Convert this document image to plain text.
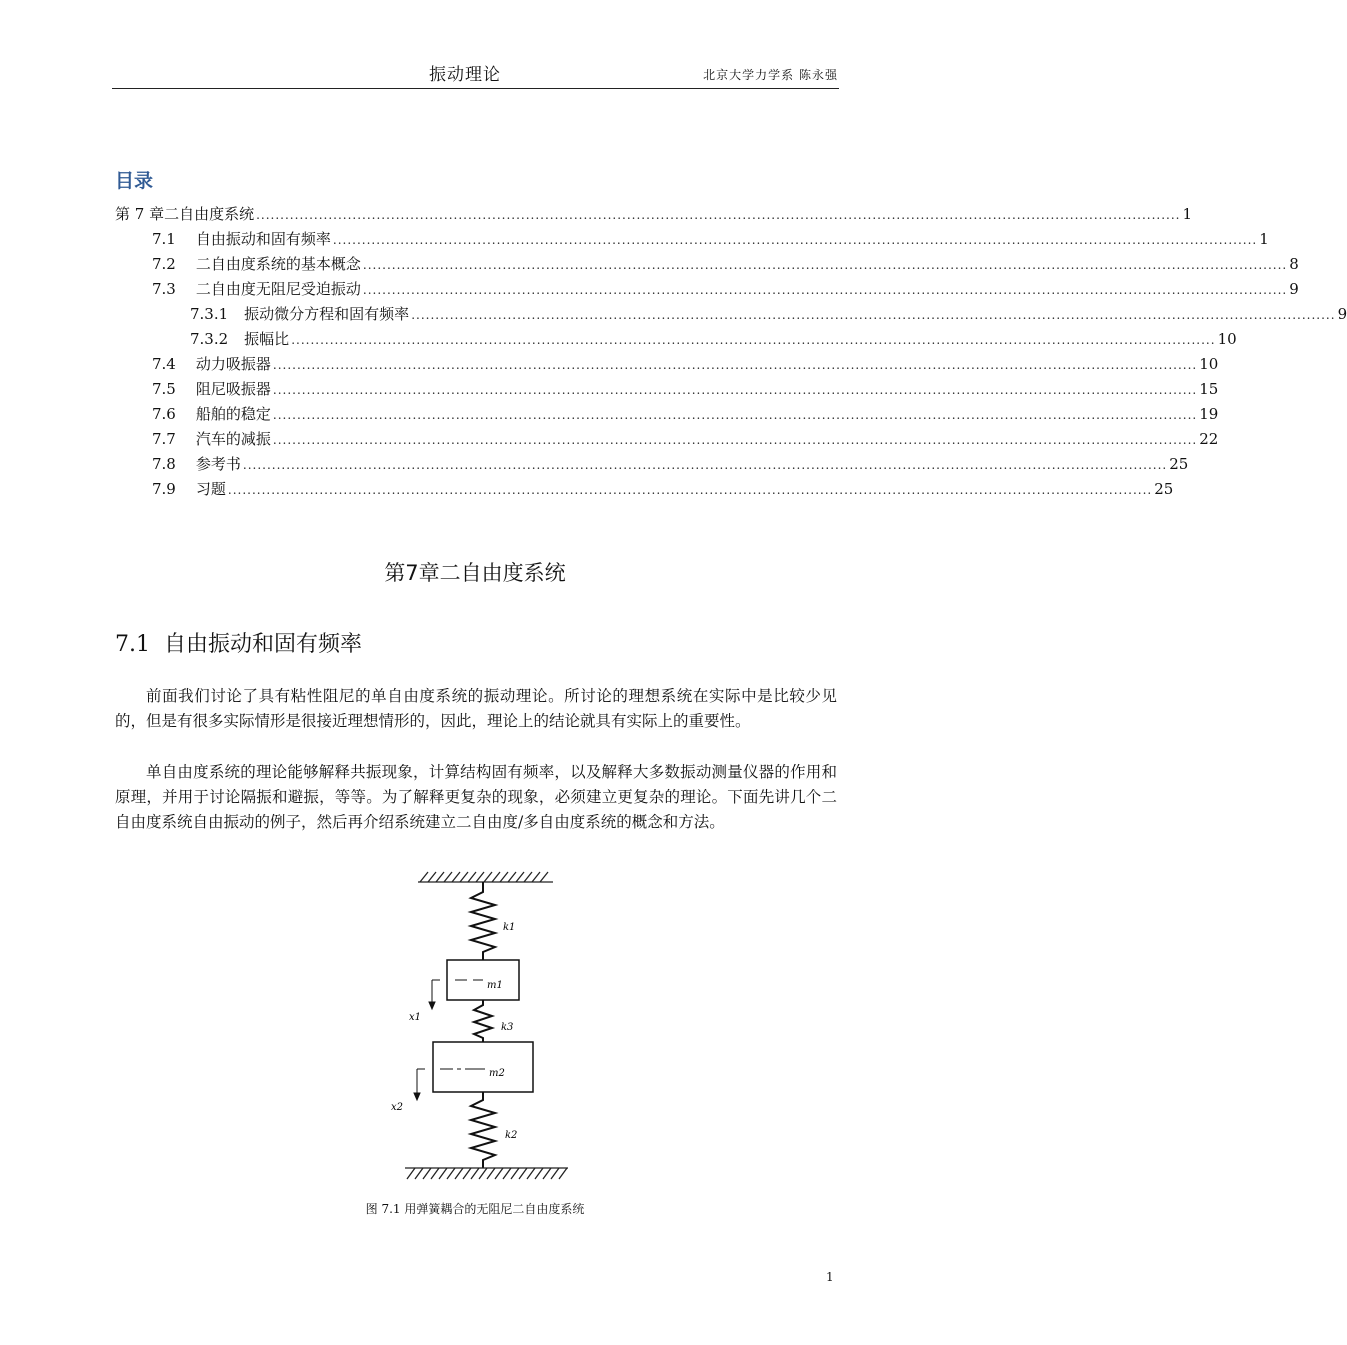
振动理论	北京大学力学系 陈永强
目录
第 7 章 二自由度系统 ................................................................................................................................................................................................ 1
7.1	自由振动和固有频率 ................................................................................................................................................................................................ 1
7.2	二自由度系统的基本概念 ................................................................................................................................................................................................ 8
7.3	二自由度无阻尼受迫振动 ................................................................................................................................................................................................ 9
7.3.1	振动微分方程和固有频率 ................................................................................................................................................................................................ 9
7.3.2	振幅比 ................................................................................................................................................................................................ 10
7.4	动力吸振器 ................................................................................................................................................................................................ 10
7.5	阻尼吸振器 ................................................................................................................................................................................................ 15
7.6	船舶的稳定 ................................................................................................................................................................................................ 19
7.7	汽车的减振 ................................................................................................................................................................................................ 22
7.8	参考书 ................................................................................................................................................................................................ 25
7.9	习题 ................................................................................................................................................................................................ 25
第7章二自由度系统
7.1 自由振动和固有频率

前面我们讨论了具有粘性阻尼的单自由度系统的振动理论。所讨论的理想系统在实际中是比较少见的，但是有很多实际情形是很接近理想情形的，因此，理论上的结论就具有实际上的重要性。

单自由度系统的理论能够解释共振现象，计算结构固有频率，以及解释大多数振动测量仪器的作用和原理，并用于讨论隔振和避振，等等。为了解释更复杂的现象，必须建立更复杂的理论。下面先讲几个二自由度系统自由振动的例子，然后再介绍系统建立二自由度/多自由度系统的概念和方法。

k1
m1
x1
k3
m2
x2
k2
图 7.1 用弹簧耦合的无阻尼二自由度系统
1
